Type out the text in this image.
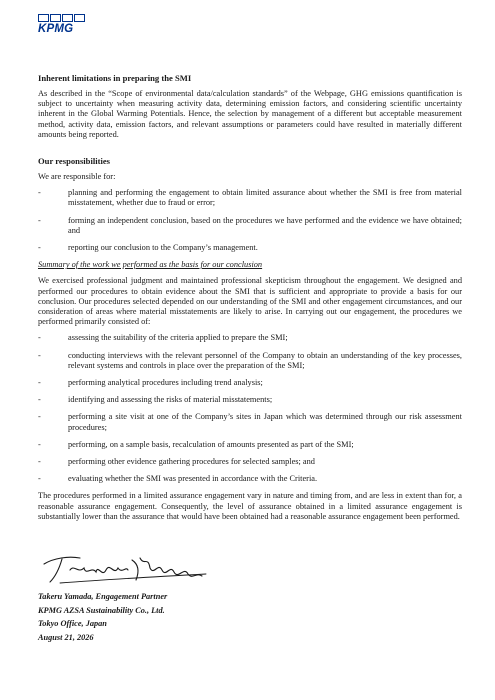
KPMG
Inherent limitations in preparing the SMI

As described in the “Scope of environmental data/calculation standards” of the Webpage, GHG emissions quantification is subject to uncertainty when measuring activity data, determining emission factors, and considering scientific uncertainty inherent in the Global Warming Potentials. Hence, the selection by management of a different but acceptable measurement method, activity data, emission factors, and relevant assumptions or parameters could have resulted in materially different amounts being reported.

Our responsibilities

We are responsible for:

- planning and performing the engagement to obtain limited assurance about whether the SMI is free from material misstatement, whether due to fraud or error;
- forming an independent conclusion, based on the procedures we have performed and the evidence we have obtained; and
- reporting our conclusion to the Company’s management.

Summary of the work we performed as the basis for our conclusion

We exercised professional judgment and maintained professional skepticism throughout the engagement. We designed and performed our procedures to obtain evidence about the SMI that is sufficient and appropriate to provide a basis for our conclusion. Our procedures selected depended on our understanding of the SMI and other engagement circumstances, and our consideration of areas where material misstatements are likely to arise. In carrying out our engagement, the procedures we performed primarily consisted of:

- assessing the suitability of the criteria applied to prepare the SMI;
- conducting interviews with the relevant personnel of the Company to obtain an understanding of the key processes, relevant systems and controls in place over the preparation of the SMI;
- performing analytical procedures including trend analysis;
- identifying and assessing the risks of material misstatements;
- performing a site visit at one of the Company’s sites in Japan which was determined through our risk assessment procedures;
- performing, on a sample basis, recalculation of amounts presented as part of the SMI;
- performing other evidence gathering procedures for selected samples; and
- evaluating whether the SMI was presented in accordance with the Criteria.

The procedures performed in a limited assurance engagement vary in nature and timing from, and are less in extent than for, a reasonable assurance engagement. Consequently, the level of assurance obtained in a limited assurance engagement is substantially lower than the assurance that would have been obtained had a reasonable assurance engagement been performed.

Takeru Yamada, Engagement Partner
KPMG AZSA Sustainability Co., Ltd.
Tokyo Office, Japan
August 21, 2026
